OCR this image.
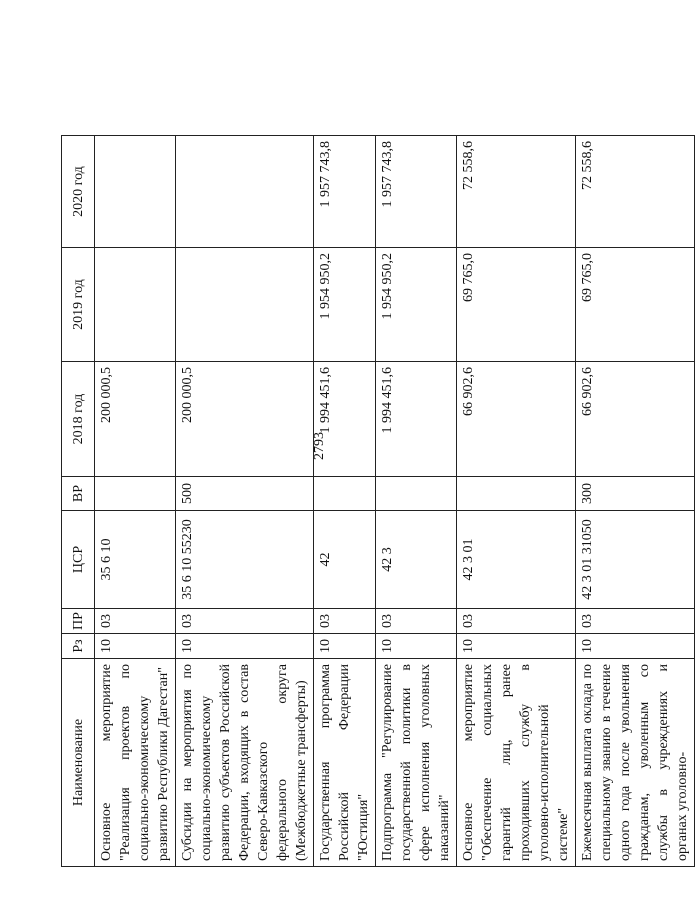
2793
Наименование	Рз	ПР	ЦСР	ВР	2018 год	2019 год	2020 год
Основное мероприятие "Реализация проектов по социально-экономическому развитию Республики Дагестан"	10	03	35 6 10		200 000,5		
Субсидии на мероприятия по социально-экономическому развитию субъектов Российской Федерации, входящих в состав Северо-Кавказского федерального округа (Межбюджетные трансферты)	10	03	35 6 10 55230	500	200 000,5		
Государственная программа Российской Федерации "Юстиция"	10	03	42		1 994 451,6	1 954 950,2	1 957 743,8
Подпрограмма "Регулирование государственной политики в сфере исполнения уголовных наказаний"	10	03	42 3		1 994 451,6	1 954 950,2	1 957 743,8
Основное мероприятие "Обеспечение социальных гарантий лиц, ранее проходивших службу в уголовно-исполнительной системе"	10	03	42 3 01		66 902,6	69 765,0	72 558,6
Ежемесячная выплата оклада по специальному званию в течение одного года после увольнения гражданам, уволенным со службы в учреждениях и органах уголовно-	10	03	42 3 01 31050	300	66 902,6	69 765,0	72 558,6
